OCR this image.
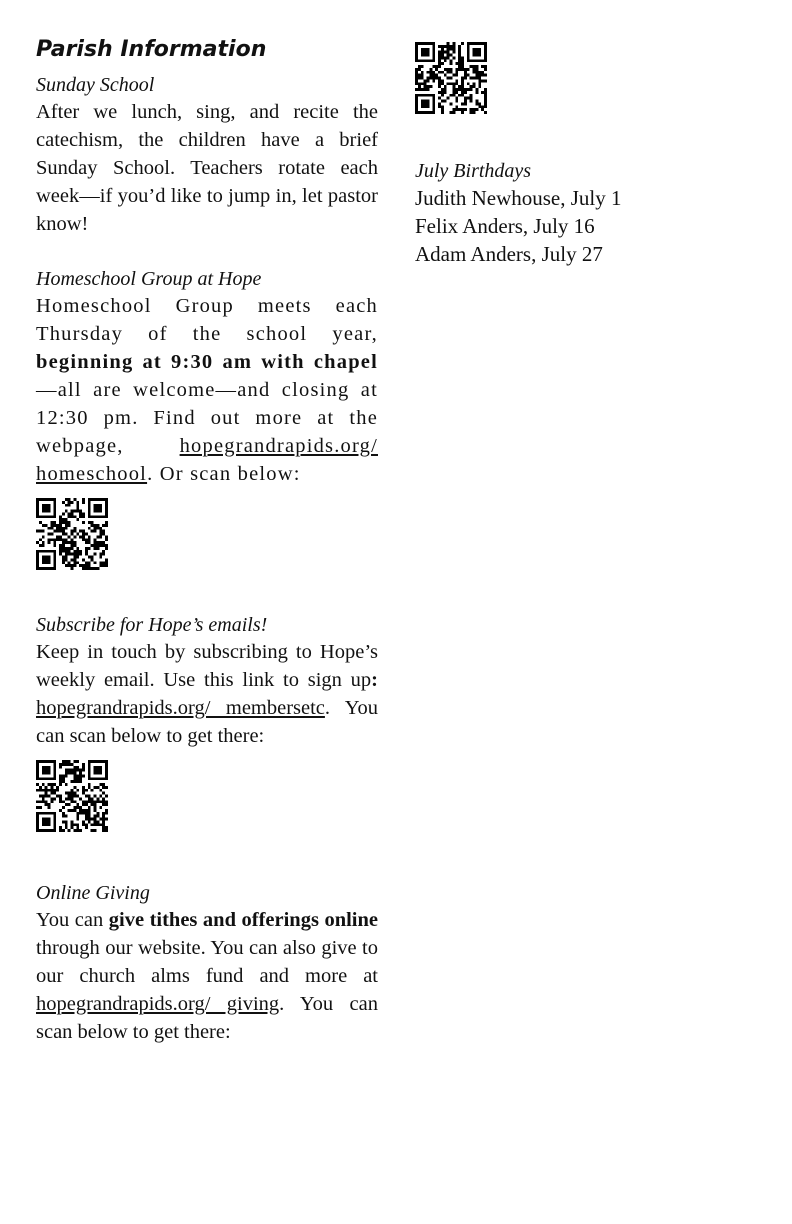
Parish Information
Sunday School

After we lunch, sing, and recite the catechism, the children have a brief Sunday School. Teachers rotate each week—if you’d like to jump in, let pastor know!

Homeschool Group at Hope

Homeschool Group meets each Thursday of the school year, beginning at 9:30 am with chapel—all are welcome—and closing at 12:30 pm. Find out more at the webpage, hopegrandrapids.org/ homeschool. Or scan below:

Subscribe for Hope’s emails!

Keep in touch by subscribing to Hope’s weekly email. Use this link to sign up: hopegrandrapids.org/ membersetc. You can scan below to get there:

Online Giving

You can give tithes and offerings online through our website. You can also give to our church alms fund and more at hopegrandrapids.org/ giving. You can scan below to get there:

July Birthdays
Judith Newhouse, July 1
Felix Anders, July 16
Adam Anders, July 27
